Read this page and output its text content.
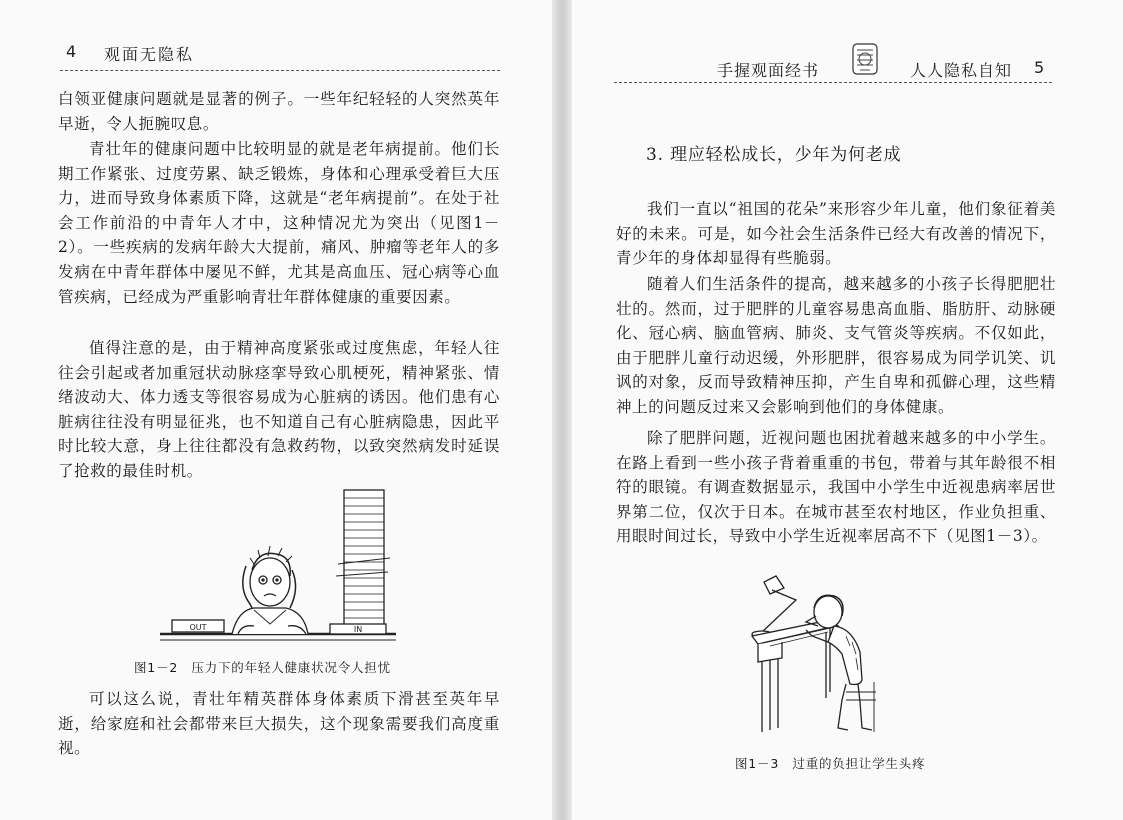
4 观面无隐私

白领亚健康问题就是显著的例子。一些年纪轻轻的人突然英年早逝，令人扼腕叹息。

青壮年的健康问题中比较明显的就是老年病提前。他们长期工作紧张、过度劳累、缺乏锻炼，身体和心理承受着巨大压力，进而导致身体素质下降，这就是“老年病提前”。在处于社会工作前沿的中青年人才中，这种情况尤为突出（见图1－2）。一些疾病的发病年龄大大提前，痛风、肿瘤等老年人的多发病在中青年群体中屡见不鲜，尤其是高血压、冠心病等心血管疾病，已经成为严重影响青壮年群体健康的重要因素。

值得注意的是，由于精神高度紧张或过度焦虑，年轻人往往会引起或者加重冠状动脉痉挛导致心肌梗死，精神紧张、情绪波动大、体力透支等很容易成为心脏病的诱因。他们患有心脏病往往没有明显征兆，也不知道自己有心脏病隐患，因此平时比较大意，身上往往都没有急救药物，以致突然病发时延误了抢救的最佳时机。

OUT	IN
图1－2　压力下的年轻人健康状况令人担忧

可以这么说，青壮年精英群体身体素质下滑甚至英年早逝，给家庭和社会都带来巨大损失，这个现象需要我们高度重视。

手握观面经书	人人隐私自知 5
3. 理应轻松成长，少年为何老成

我们一直以“祖国的花朵”来形容少年儿童，他们象征着美好的未来。可是，如今社会生活条件已经大有改善的情况下，青少年的身体却显得有些脆弱。

随着人们生活条件的提高，越来越多的小孩子长得肥肥壮壮的。然而，过于肥胖的儿童容易患高血脂、脂肪肝、动脉硬化、冠心病、脑血管病、肺炎、支气管炎等疾病。不仅如此，由于肥胖儿童行动迟缓，外形肥胖，很容易成为同学讥笑、讥讽的对象，反而导致精神压抑，产生自卑和孤僻心理，这些精神上的问题反过来又会影响到他们的身体健康。

除了肥胖问题，近视问题也困扰着越来越多的中小学生。在路上看到一些小孩子背着重重的书包，带着与其年龄很不相符的眼镜。有调查数据显示，我国中小学生中近视患病率居世界第二位，仅次于日本。在城市甚至农村地区，作业负担重、用眼时间过长，导致中小学生近视率居高不下（见图1－3）。

图1－3　过重的负担让学生头疼
